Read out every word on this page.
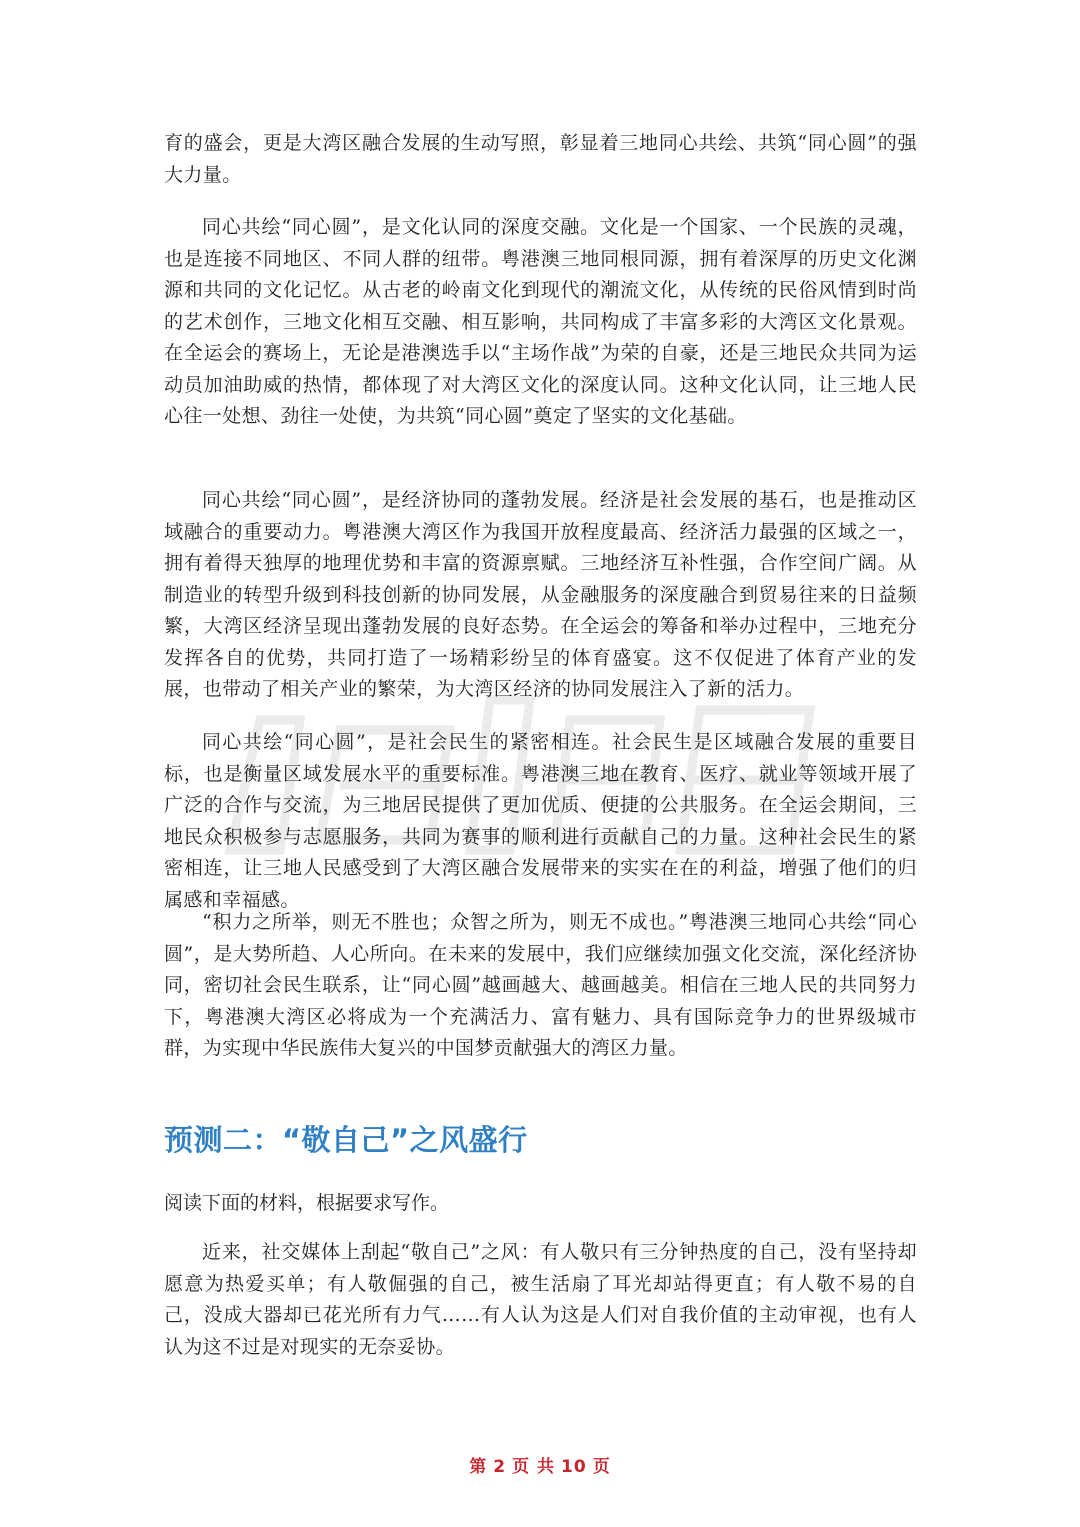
育的盛会，更是大湾区融合发展的生动写照，彰显着三地同心共绘、共筑“同心圆”的强大力量。

同心共绘“同心圆”，是文化认同的深度交融。文化是一个国家、一个民族的灵魂，也是连接不同地区、不同人群的纽带。粤港澳三地同根同源，拥有着深厚的历史文化渊源和共同的文化记忆。从古老的岭南文化到现代的潮流文化，从传统的民俗风情到时尚的艺术创作，三地文化相互交融、相互影响，共同构成了丰富多彩的大湾区文化景观。在全运会的赛场上，无论是港澳选手以“主场作战”为荣的自豪，还是三地民众共同为运动员加油助威的热情，都体现了对大湾区文化的深度认同。这种文化认同，让三地人民心往一处想、劲往一处使，为共筑“同心圆”奠定了坚实的文化基础。

同心共绘“同心圆”，是经济协同的蓬勃发展。经济是社会发展的基石，也是推动区域融合的重要动力。粤港澳大湾区作为我国开放程度最高、经济活力最强的区域之一，拥有着得天独厚的地理优势和丰富的资源禀赋。三地经济互补性强，合作空间广阔。从制造业的转型升级到科技创新的协同发展，从金融服务的深度融合到贸易往来的日益频繁，大湾区经济呈现出蓬勃发展的良好态势。在全运会的筹备和举办过程中，三地充分发挥各自的优势，共同打造了一场精彩纷呈的体育盛宴。这不仅促进了体育产业的发展，也带动了相关产业的繁荣，为大湾区经济的协同发展注入了新的活力。

同心共绘“同心圆”，是社会民生的紧密相连。社会民生是区域融合发展的重要目标，也是衡量区域发展水平的重要标准。粤港澳三地在教育、医疗、就业等领域开展了广泛的合作与交流，为三地居民提供了更加优质、便捷的公共服务。在全运会期间，三地民众积极参与志愿服务，共同为赛事的顺利进行贡献自己的力量。这种社会民生的紧密相连，让三地人民感受到了大湾区融合发展带来的实实在在的利益，增强了他们的归属感和幸福感。

“积力之所举，则无不胜也；众智之所为，则无不成也。”粤港澳三地同心共绘“同心圆”，是大势所趋、人心所向。在未来的发展中，我们应继续加强文化交流，深化经济协同，密切社会民生联系，让“同心圆”越画越大、越画越美。相信在三地人民的共同努力下，粤港澳大湾区必将成为一个充满活力、富有魅力、具有国际竞争力的世界级城市群，为实现中华民族伟大复兴的中国梦贡献强大的湾区力量。

预测二：“敬自己”之风盛行

阅读下面的材料，根据要求写作。

近来，社交媒体上刮起“敬自己”之风：有人敬只有三分钟热度的自己，没有坚持却愿意为热爱买单；有人敬倔强的自己，被生活扇了耳光却站得更直；有人敬不易的自己，没成大器却已花光所有力气……有人认为这是人们对自我价值的主动审视，也有人认为这不过是对现实的无奈妥协。

第 2 页 共 10 页
